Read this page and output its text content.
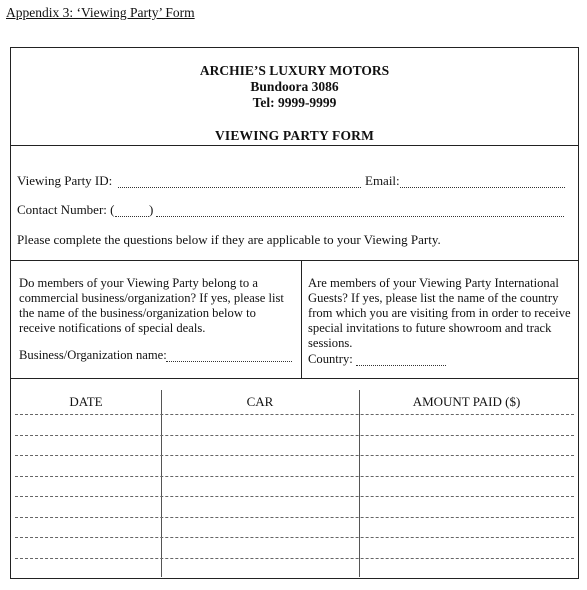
Appendix 3: ‘Viewing Party’ Form
ARCHIE’S LUXURY MOTORS
Bundoora 3086
Tel: 9999-9999
VIEWING PARTY FORM
Viewing Party ID:	Email:
Contact Number: (	)
Please complete the questions below if they are applicable to your Viewing Party.
Do members of your Viewing Party belong to a
commercial business/organization? If yes, please list
the name of the business/organization below to
receive notifications of special deals.
Business/Organization name:
Are members of your Viewing Party International
Guests? If yes, please list the name of the country
from which you are visiting from in order to receive
special invitations to future showroom and track
sessions.
Country:
DATE	CAR	AMOUNT PAID ($)
